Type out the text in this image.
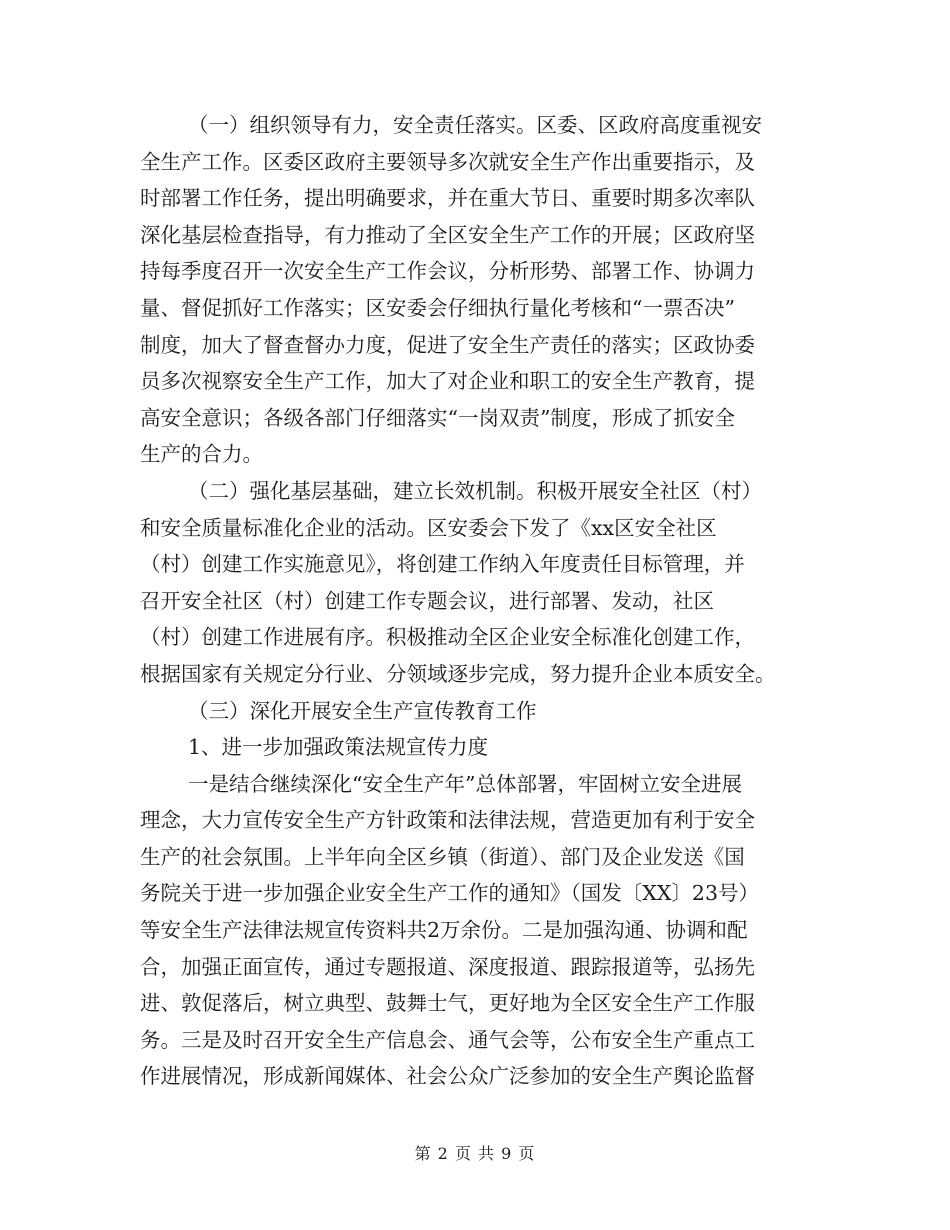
（一）组织领导有力，安全责任落实。区委、区政府高度重视安
全生产工作。区委区政府主要领导多次就安全生产作出重要指示，及
时部署工作任务，提出明确要求，并在重大节日、重要时期多次率队
深化基层检查指导，有力推动了全区安全生产工作的开展；区政府坚
持每季度召开一次安全生产工作会议，分析形势、部署工作、协调力
量、督促抓好工作落实；区安委会仔细执行量化考核和“一票否决”
制度，加大了督查督办力度，促进了安全生产责任的落实；区政协委
员多次视察安全生产工作，加大了对企业和职工的安全生产教育，提
高安全意识；各级各部门仔细落实“一岗双责”制度，形成了抓安全
生产的合力。
（二）强化基层基础，建立长效机制。积极开展安全社区（村）
和安全质量标准化企业的活动。区安委会下发了《xx区安全社区
（村）创建工作实施意见》，将创建工作纳入年度责任目标管理，并
召开安全社区（村）创建工作专题会议，进行部署、发动，社区
（村）创建工作进展有序。积极推动全区企业安全标准化创建工作，
根据国家有关规定分行业、分领域逐步完成，努力提升企业本质安全。
（三）深化开展安全生产宣传教育工作
1、进一步加强政策法规宣传力度
一是结合继续深化“安全生产年”总体部署，牢固树立安全进展
理念，大力宣传安全生产方针政策和法律法规，营造更加有利于安全
生产的社会氛围。上半年向全区乡镇（街道）、部门及企业发送《国
务院关于进一步加强企业安全生产工作的通知》（国发〔XX〕23号）
等安全生产法律法规宣传资料共2万余份。二是加强沟通、协调和配
合，加强正面宣传，通过专题报道、深度报道、跟踪报道等，弘扬先
进、敦促落后，树立典型、鼓舞士气，更好地为全区安全生产工作服
务。三是及时召开安全生产信息会、通气会等，公布安全生产重点工
作进展情况，形成新闻媒体、社会公众广泛参加的安全生产舆论监督
第 2 页 共 9 页
